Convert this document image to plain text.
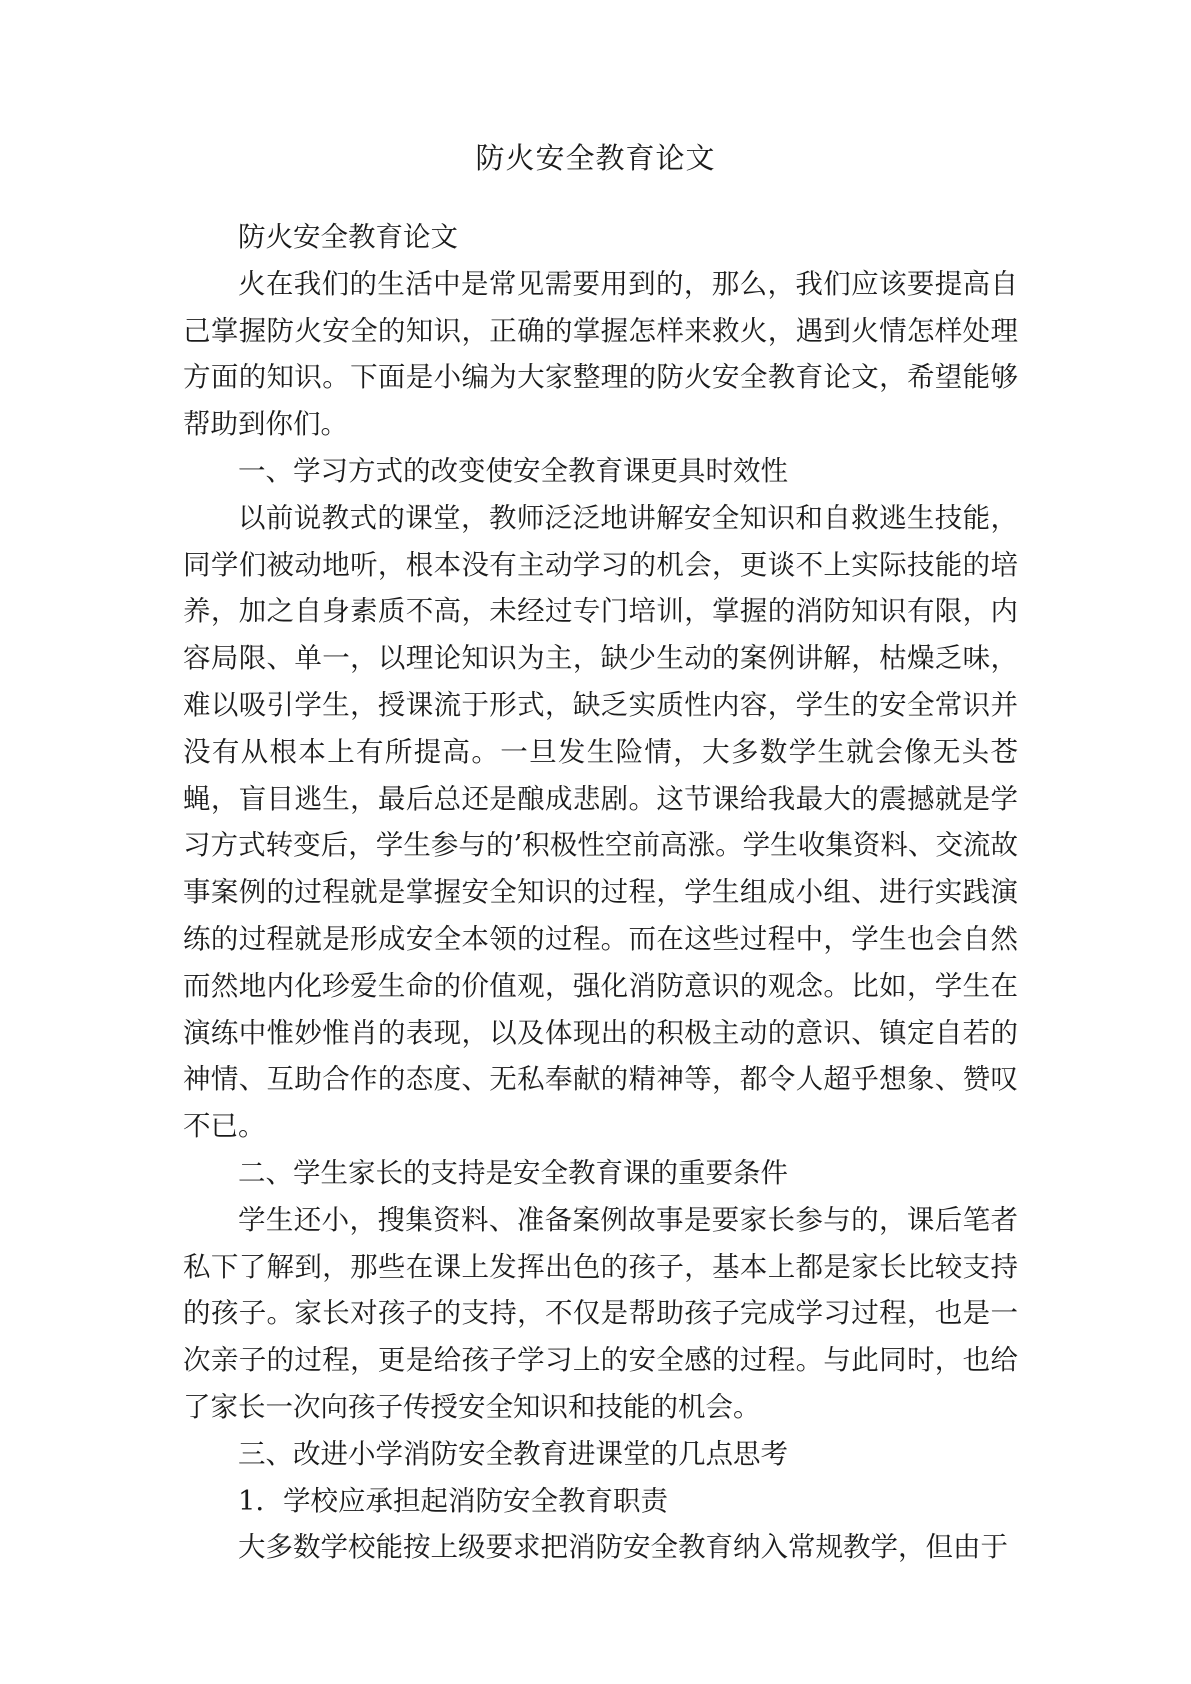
防火安全教育论文

防火安全教育论文

火在我们的生活中是常见需要用到的，那么，我们应该要提高自己掌握防火安全的知识，正确的掌握怎样来救火，遇到火情怎样处理方面的知识。下面是小编为大家整理的防火安全教育论文，希望能够帮助到你们。

一、学习方式的改变使安全教育课更具时效性

以前说教式的课堂，教师泛泛地讲解安全知识和自救逃生技能，同学们被动地听，根本没有主动学习的机会，更谈不上实际技能的培养，加之自身素质不高，未经过专门培训，掌握的消防知识有限，内容局限、单一，以理论知识为主，缺少生动的案例讲解，枯燥乏味，难以吸引学生，授课流于形式，缺乏实质性内容，学生的安全常识并没有从根本上有所提高。一旦发生险情，大多数学生就会像无头苍蝇，盲目逃生，最后总还是酿成悲剧。这节课给我最大的震撼就是学习方式转变后，学生参与的’积极性空前高涨。学生收集资料、交流故事案例的过程就是掌握安全知识的过程，学生组成小组、进行实践演练的过程就是形成安全本领的过程。而在这些过程中，学生也会自然而然地内化珍爱生命的价值观，强化消防意识的观念。比如，学生在演练中惟妙惟肖的表现，以及体现出的积极主动的意识、镇定自若的神情、互助合作的态度、无私奉献的精神等，都令人超乎想象、赞叹不已。

二、学生家长的支持是安全教育课的重要条件

学生还小，搜集资料、准备案例故事是要家长参与的，课后笔者私下了解到，那些在课上发挥出色的孩子，基本上都是家长比较支持的孩子。家长对孩子的支持，不仅是帮助孩子完成学习过程，也是一次亲子的过程，更是给孩子学习上的安全感的过程。与此同时，也给了家长一次向孩子传授安全知识和技能的机会。

三、改进小学消防安全教育进课堂的几点思考

1．学校应承担起消防安全教育职责

大多数学校能按上级要求把消防安全教育纳入常规教学，但由于
